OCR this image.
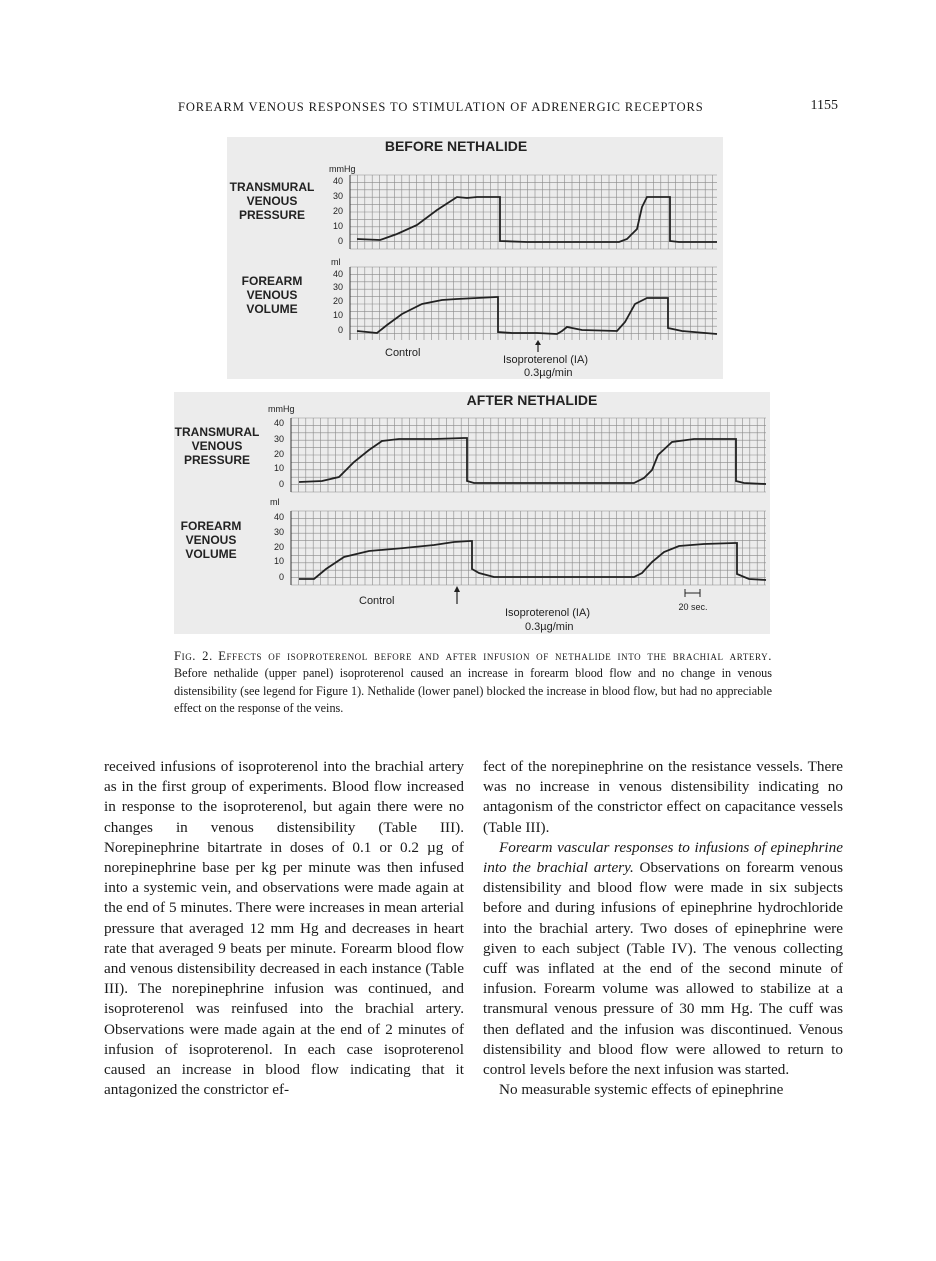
FOREARM VENOUS RESPONSES TO STIMULATION OF ADRENERGIC RECEPTORS	1155
BEFORE NETHALIDE
TRANSMURAL
VENOUS
PRESSURE
mmHg
FOREARM
VENOUS
VOLUME
ml
40
30
20
10
0
40
30
20
10
0
Control
Isoproterenol (IA)
0.3µg/min
AFTER NETHALIDE
TRANSMURAL
VENOUS
PRESSURE
mmHg
FOREARM
VENOUS
VOLUME
ml
40
30
20
10
0
40
30
20
10
0
20 sec.
Control
Isoproterenol (IA)
0.3µg/min
Fig. 2. Effects of isoproterenol before and after infusion of nethalide into the brachial artery. Before nethalide (upper panel) isoproterenol caused an increase in forearm blood flow and no change in venous distensibility (see legend for Figure 1). Nethalide (lower panel) blocked the increase in blood flow, but had no appreciable effect on the response of the veins.

received infusions of isoproterenol into the brachial artery as in the first group of experiments. Blood flow increased in response to the isoproterenol, but again there were no changes in venous distensibility (Table III). Norepinephrine bitartrate in doses of 0.1 or 0.2 µg of norepinephrine base per kg per minute was then infused into a systemic vein, and observations were made again at the end of 5 minutes. There were increases in mean arterial pressure that averaged 12 mm Hg and decreases in heart rate that averaged 9 beats per minute. Forearm blood flow and venous distensibility decreased in each instance (Table III). The norepinephrine infusion was continued, and isoproterenol was reinfused into the brachial artery. Observations were made again at the end of 2 minutes of infusion of isoproterenol. In each case isoproterenol caused an increase in blood flow indicating that it antagonized the constrictor ef-

fect of the norepinephrine on the resistance vessels. There was no increase in venous distensibility indicating no antagonism of the constrictor effect on capacitance vessels (Table III).

Forearm vascular responses to infusions of epinephrine into the brachial artery. Observations on forearm venous distensibility and blood flow were made in six subjects before and during infusions of epinephrine hydrochloride into the brachial artery. Two doses of epinephrine were given to each subject (Table IV). The venous collecting cuff was inflated at the end of the second minute of infusion. Forearm volume was allowed to stabilize at a transmural venous pressure of 30 mm Hg. The cuff was then deflated and the infusion was discontinued. Venous distensibility and blood flow were allowed to return to control levels before the next infusion was started.

No measurable systemic effects of epinephrine
